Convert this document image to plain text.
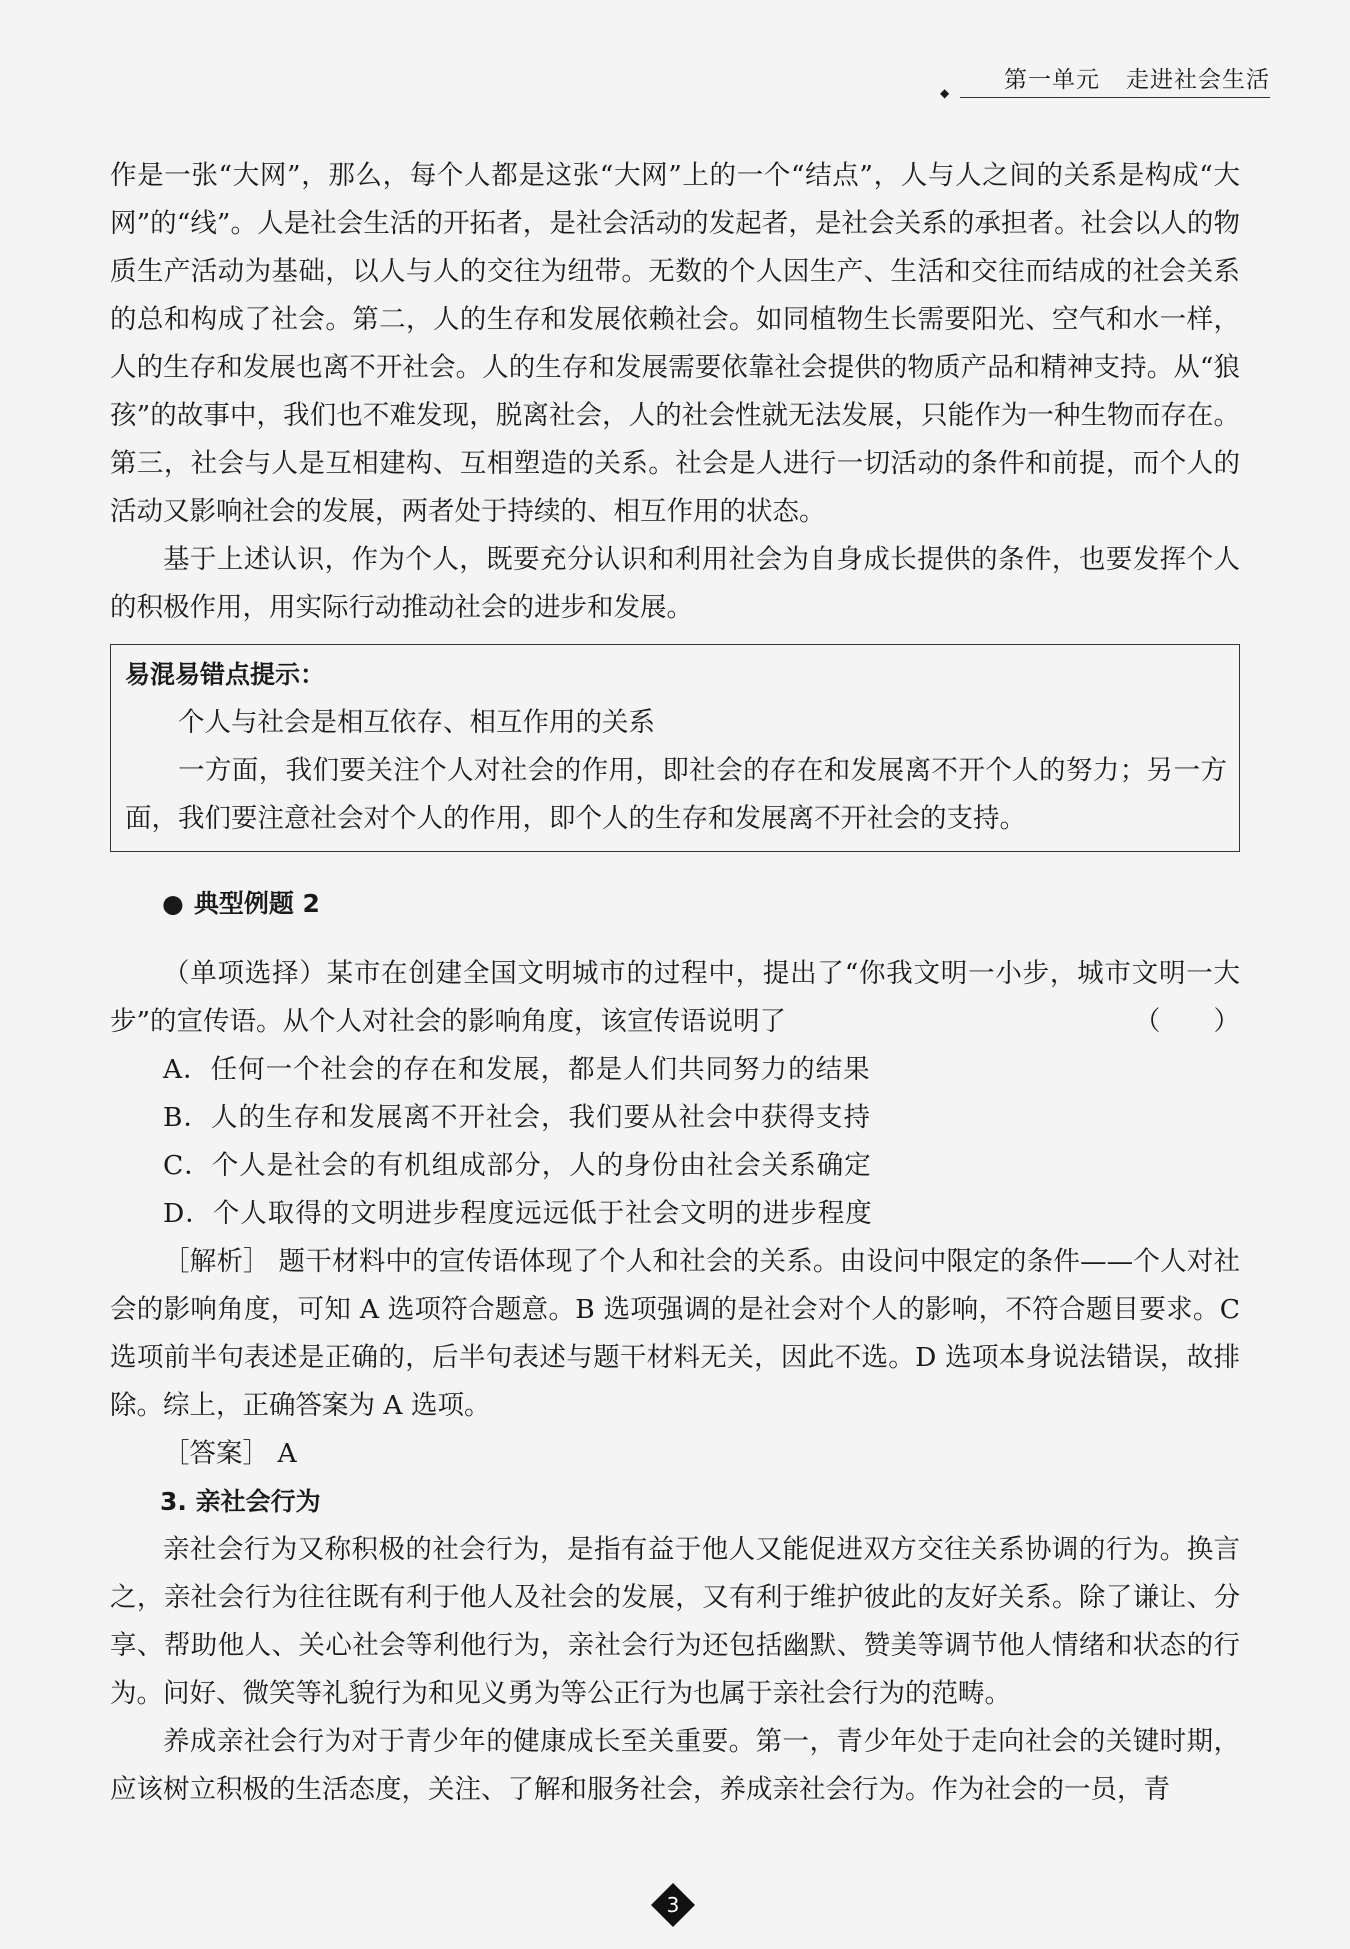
◆
第一单元 走进社会生活

作是一张“大网”，那么，每个人都是这张“大网”上的一个“结点”，人与人之间的关系是构成“大网”的“线”。人是社会生活的开拓者，是社会活动的发起者，是社会关系的承担者。社会以人的物质生产活动为基础，以人与人的交往为纽带。无数的个人因生产、生活和交往而结成的社会关系的总和构成了社会。第二，人的生存和发展依赖社会。如同植物生长需要阳光、空气和水一样，人的生存和发展也离不开社会。人的生存和发展需要依靠社会提供的物质产品和精神支持。从“狼孩”的故事中，我们也不难发现，脱离社会，人的社会性就无法发展，只能作为一种生物而存在。第三，社会与人是互相建构、互相塑造的关系。社会是人进行一切活动的条件和前提，而个人的活动又影响社会的发展，两者处于持续的、相互作用的状态。

基于上述认识，作为个人，既要充分认识和利用社会为自身成长提供的条件，也要发挥个人的积极作用，用实际行动推动社会的进步和发展。

易混易错点提示：

个人与社会是相互依存、相互作用的关系

一方面，我们要关注个人对社会的作用，即社会的存在和发展离不开个人的努力；另一方面，我们要注意社会对个人的作用，即个人的生存和发展离不开社会的支持。

● 典型例题 2

（单项选择）某市在创建全国文明城市的过程中，提出了“你我文明一小步，城市文明一大步”的宣传语。从个人对社会的影响角度，该宣传语说明了	（　　）

A．任何一个社会的存在和发展，都是人们共同努力的结果

B．人的生存和发展离不开社会，我们要从社会中获得支持

C．个人是社会的有机组成部分，人的身份由社会关系确定

D．个人取得的文明进步程度远远低于社会文明的进步程度

［解析］ 题干材料中的宣传语体现了个人和社会的关系。由设问中限定的条件——个人对社会的影响角度，可知 A 选项符合题意。B 选项强调的是社会对个人的影响，不符合题目要求。C 选项前半句表述是正确的，后半句表述与题干材料无关，因此不选。D 选项本身说法错误，故排除。综上，正确答案为 A 选项。

［答案］ A

3. 亲社会行为

亲社会行为又称积极的社会行为，是指有益于他人又能促进双方交往关系协调的行为。换言之，亲社会行为往往既有利于他人及社会的发展，又有利于维护彼此的友好关系。除了谦让、分享、帮助他人、关心社会等利他行为，亲社会行为还包括幽默、赞美等调节他人情绪和状态的行为。问好、微笑等礼貌行为和见义勇为等公正行为也属于亲社会行为的范畴。

养成亲社会行为对于青少年的健康成长至关重要。第一，青少年处于走向社会的关键时期，应该树立积极的生活态度，关注、了解和服务社会，养成亲社会行为。作为社会的一员，青

3
